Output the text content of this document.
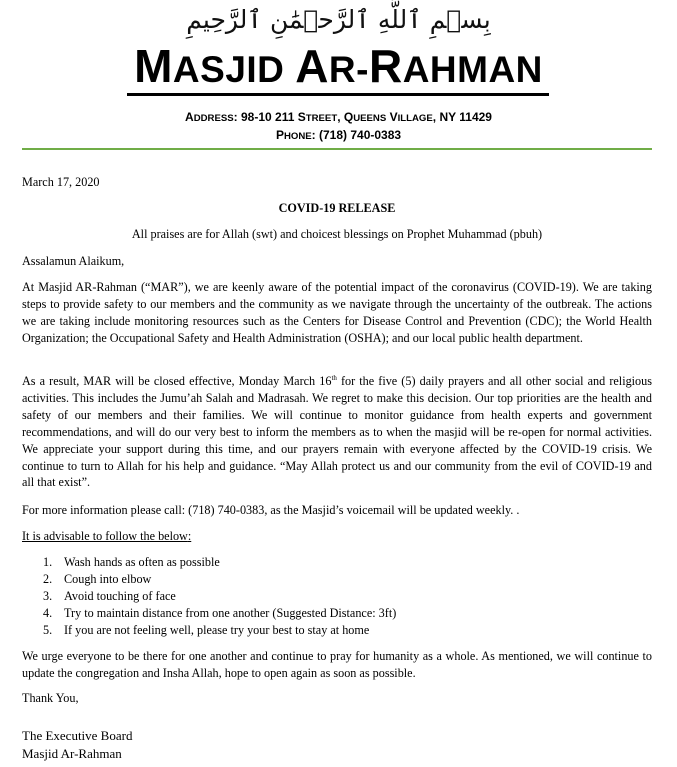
بِسۡمِ ٱللَّهِ ٱلرَّحۡمَٰنِ ٱلرَّحِيمِ
MASJID AR-RAHMAN
ADDRESS: 98-10 211 STREET, QUEENS VILLAGE, NY 11429
PHONE: (718) 740-0383
March 17, 2020
COVID-19 RELEASE
All praises are for Allah (swt) and choicest blessings on Prophet Muhammad (pbuh)
Assalamun Alaikum,
At Masjid AR-Rahman (“MAR”), we are keenly aware of the potential impact of the coronavirus (COVID-19). We are taking steps to provide safety to our members and the community as we navigate through the uncertainty of the outbreak. The actions we are taking include monitoring resources such as the Centers for Disease Control and Prevention (CDC); the World Health Organization; the Occupational Safety and Health Administration (OSHA); and our local public health department.
As a result, MAR will be closed effective, Monday March 16th for the five (5) daily prayers and all other social and religious activities. This includes the Jumu’ah Salah and Madrasah. We regret to make this decision. Our top priorities are the health and safety of our members and their families. We will continue to monitor guidance from health experts and government recommendations, and will do our very best to inform the members as to when the masjid will be re-open for normal activities. We appreciate your support during this time, and our prayers remain with everyone affected by the COVID-19 crisis. We continue to turn to Allah for his help and guidance. “May Allah protect us and our community from the evil of COVID-19 and all that exist”.
For more information please call: (718) 740-0383, as the Masjid’s voicemail will be updated weekly. .
It is advisable to follow the below:
1. Wash hands as often as possible
2. Cough into elbow
3. Avoid touching of face
4. Try to maintain distance from one another (Suggested Distance: 3ft)
5. If you are not feeling well, please try your best to stay at home
We urge everyone to be there for one another and continue to pray for humanity as a whole. As mentioned, we will continue to update the congregation and Insha Allah, hope to open again as soon as possible.
Thank You,
The Executive Board
Masjid Ar-Rahman
